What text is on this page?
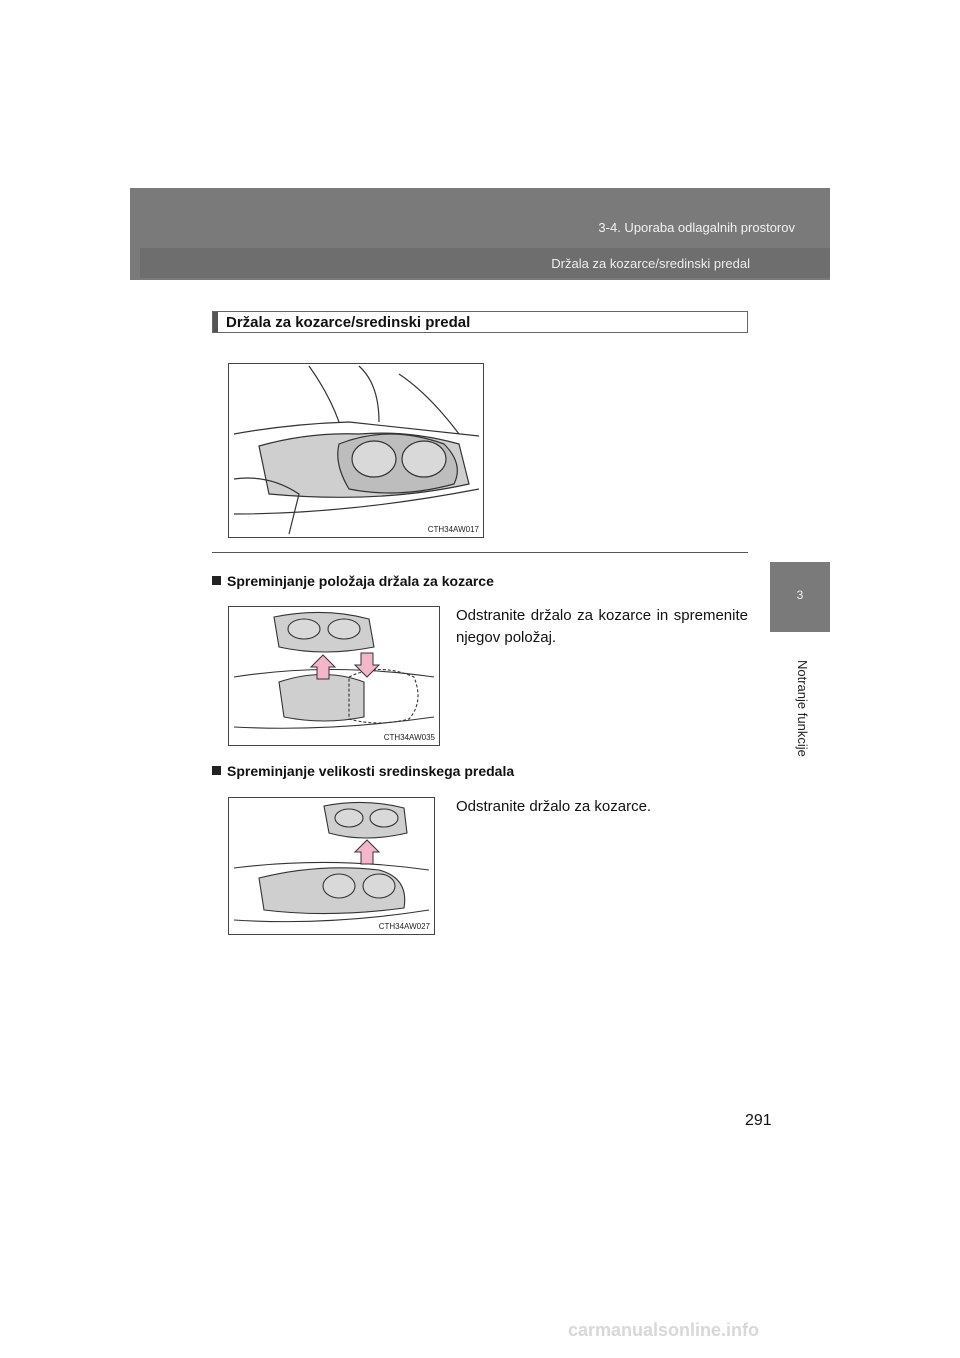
3-4. Uporaba odlagalnih prostorov
Držala za kozarce/sredinski predal
3
Notranje funkcije
Držala za kozarce/sredinski predal
CTH34AW017
Spreminjanje položaja držala za kozarce
CTH34AW035
Odstranite držalo za kozarce in spremenite njegov položaj.
Spreminjanje velikosti sredinskega predala
CTH34AW027
Odstranite držalo za kozarce.
291
carmanualsonline.info
